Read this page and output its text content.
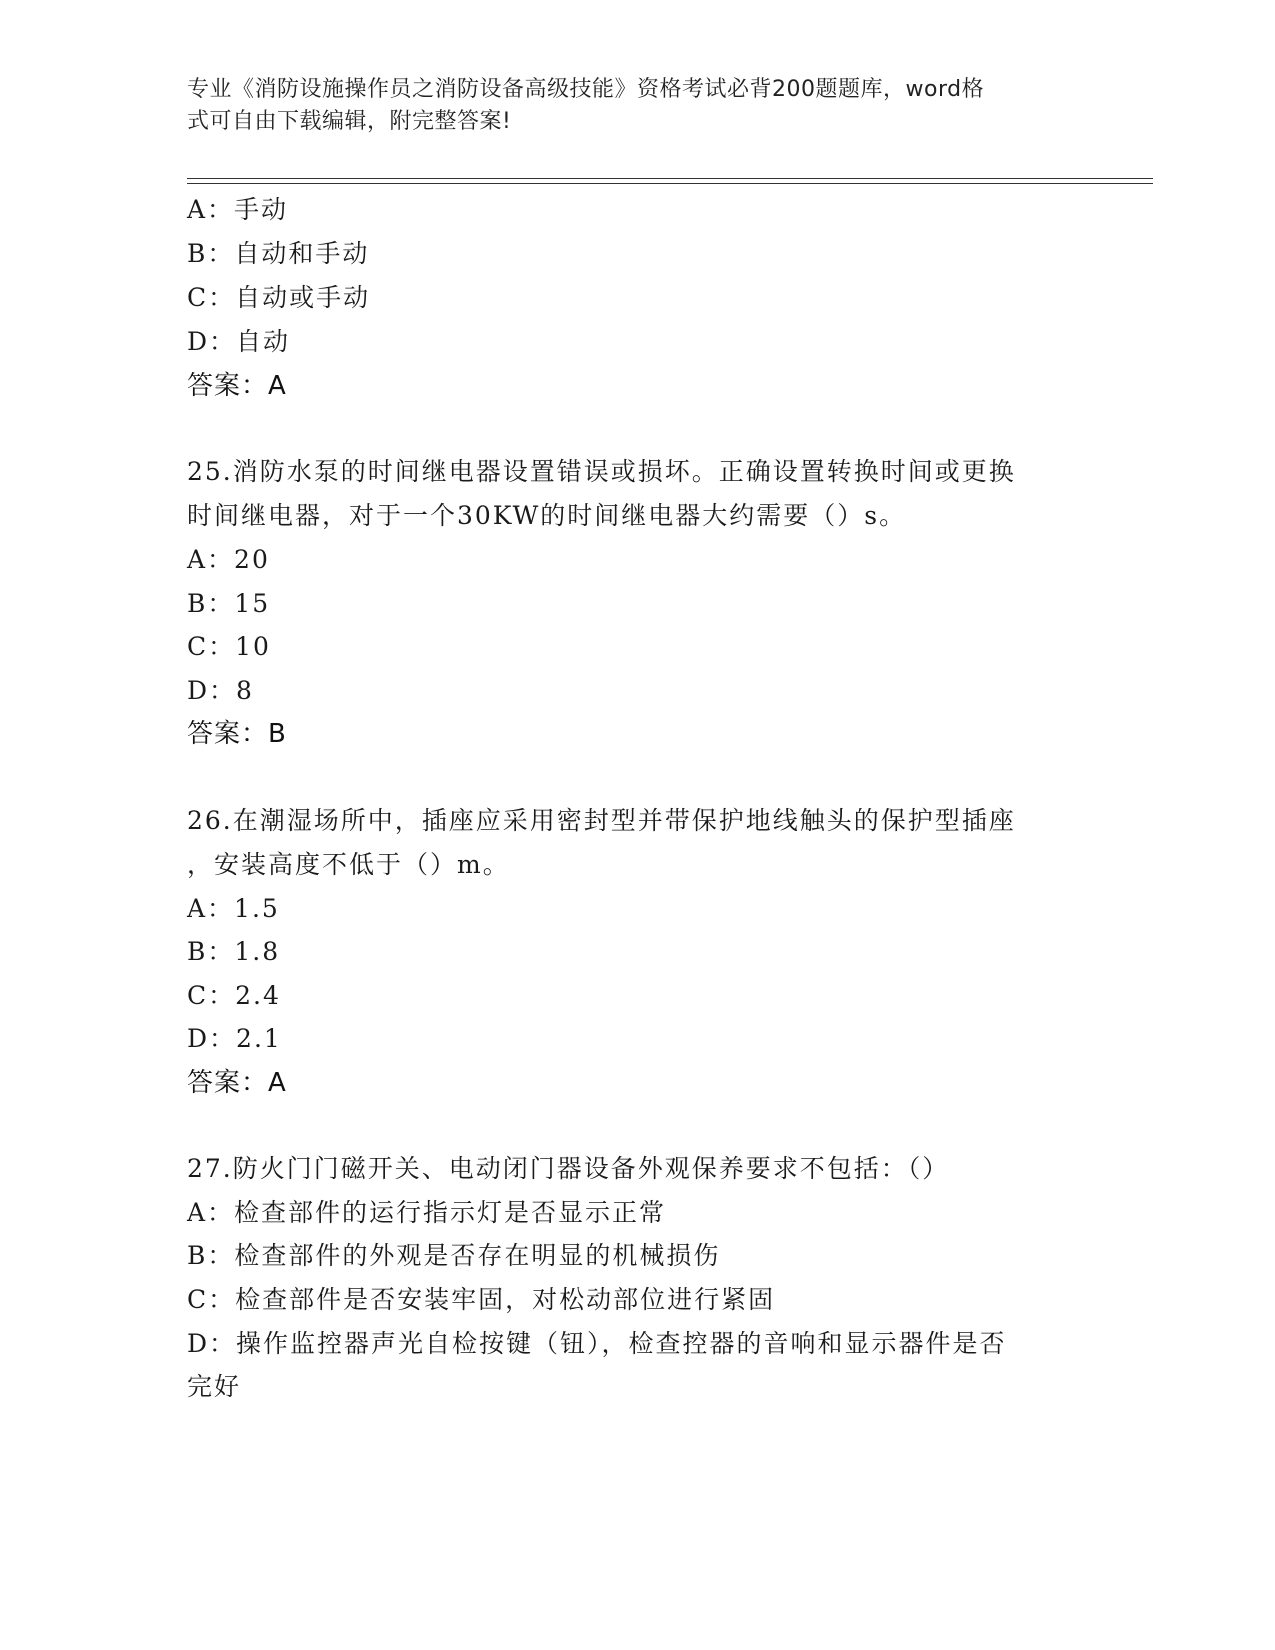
专业《消防设施操作员之消防设备高级技能》资格考试必背200题题库，word格
式可自由下载编辑，附完整答案!
A：手动
B：自动和手动
C：自动或手动
D：自动
答案：A
25.消防水泵的时间继电器设置错误或损坏。正确设置转换时间或更换
时间继电器，对于一个30KW的时间继电器大约需要（）s。
A：20
B：15
C：10
D：8
答案：B
26.在潮湿场所中，插座应采用密封型并带保护地线触头的保护型插座
，安装高度不低于（）m。
A：1.5
B：1.8
C：2.4
D：2.1
答案：A
27.防火门门磁开关、电动闭门器设备外观保养要求不包括：（）
A：检查部件的运行指示灯是否显示正常
B：检查部件的外观是否存在明显的机械损伤
C：检查部件是否安装牢固，对松动部位进行紧固
D：操作监控器声光自检按键（钮），检查控器的音响和显示器件是否
完好
